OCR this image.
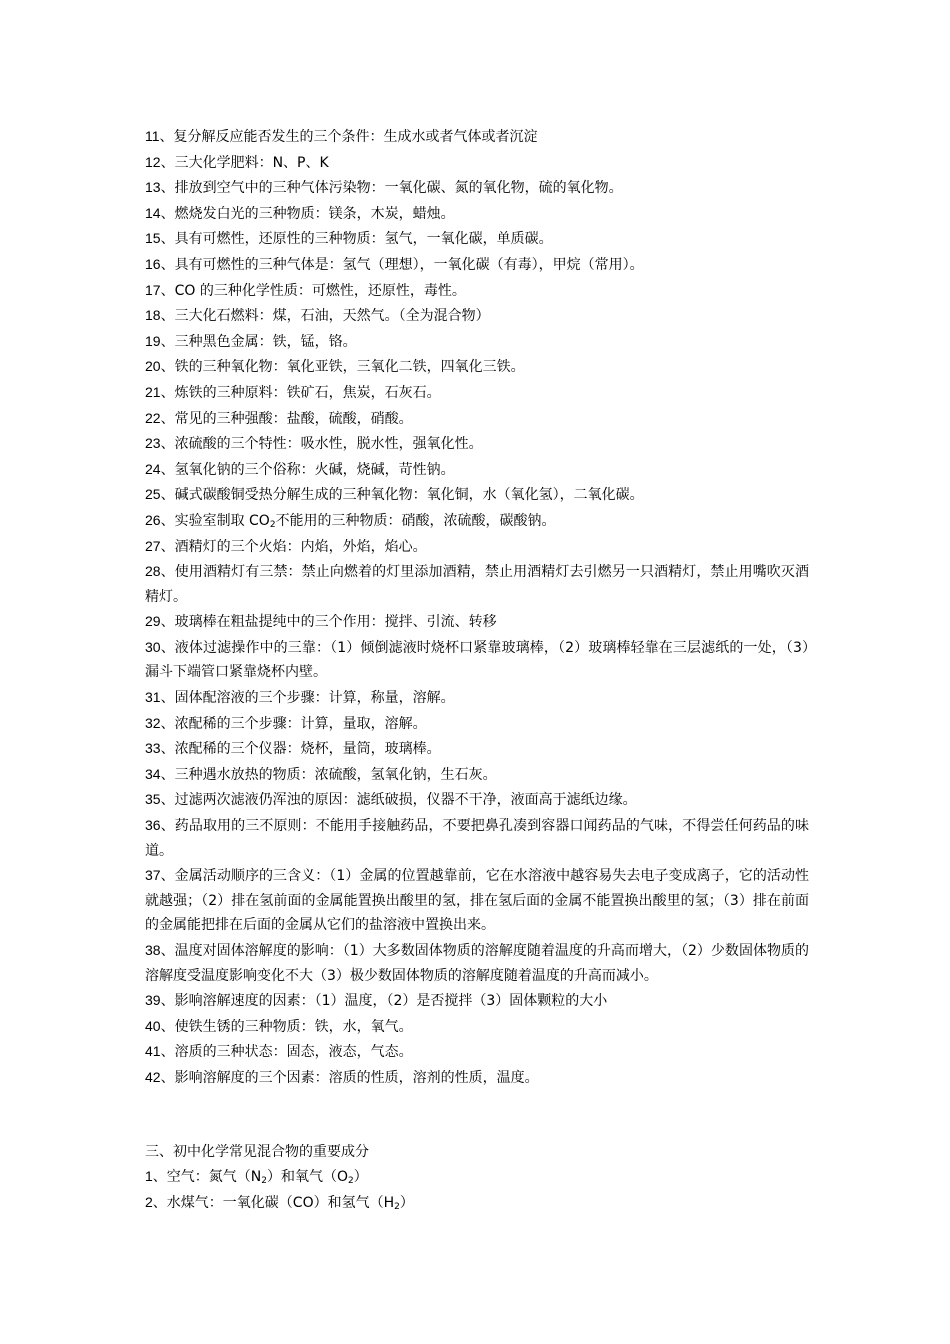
11、复分解反应能否发生的三个条件：生成水或者气体或者沉淀

12、三大化学肥料：N、P、K

13、排放到空气中的三种气体污染物：一氧化碳、氮的氧化物，硫的氧化物。

14、燃烧发白光的三种物质：镁条，木炭，蜡烛。

15、具有可燃性，还原性的三种物质：氢气，一氧化碳，单质碳。

16、具有可燃性的三种气体是：氢气（理想），一氧化碳（有毒），甲烷（常用）。

17、CO 的三种化学性质：可燃性，还原性，毒性。

18、三大化石燃料：煤，石油，天然气。（全为混合物）

19、三种黑色金属：铁，锰，铬。

20、铁的三种氧化物：氧化亚铁，三氧化二铁，四氧化三铁。

21、炼铁的三种原料：铁矿石，焦炭，石灰石。

22、常见的三种强酸：盐酸，硫酸，硝酸。

23、浓硫酸的三个特性：吸水性，脱水性，强氧化性。

24、氢氧化钠的三个俗称：火碱，烧碱，苛性钠。

25、碱式碳酸铜受热分解生成的三种氧化物：氧化铜，水（氧化氢），二氧化碳。

26、实验室制取 $CO_2$不能用的三种物质：硝酸，浓硫酸，碳酸钠。

27、酒精灯的三个火焰：内焰，外焰，焰心。

28、使用酒精灯有三禁：禁止向燃着的灯里添加酒精，禁止用酒精灯去引燃另一只酒精灯，禁止用嘴吹灭酒精灯。

29、玻璃棒在粗盐提纯中的三个作用：搅拌、引流、转移

30、液体过滤操作中的三靠：（1）倾倒滤液时烧杯口紧靠玻璃棒，（2）玻璃棒轻靠在三层滤纸的一处，（3）漏斗下端管口紧靠烧杯内壁。

31、固体配溶液的三个步骤：计算，称量，溶解。

32、浓配稀的三个步骤：计算，量取，溶解。

33、浓配稀的三个仪器：烧杯，量筒，玻璃棒。

34、三种遇水放热的物质：浓硫酸，氢氧化钠，生石灰。

35、过滤两次滤液仍浑浊的原因：滤纸破损，仪器不干净，液面高于滤纸边缘。

36、药品取用的三不原则：不能用手接触药品，不要把鼻孔凑到容器口闻药品的气味，不得尝任何药品的味道。

37、金属活动顺序的三含义：（1）金属的位置越靠前，它在水溶液中越容易失去电子变成离子，它的活动性就越强；（2）排在氢前面的金属能置换出酸里的氢，排在氢后面的金属不能置换出酸里的氢；（3）排在前面的金属能把排在后面的金属从它们的盐溶液中置换出来。

38、温度对固体溶解度的影响：（1）大多数固体物质的溶解度随着温度的升高而增大，（2）少数固体物质的溶解度受温度影响变化不大（3）极少数固体物质的溶解度随着温度的升高而减小。

39、影响溶解速度的因素：（1）温度，（2）是否搅拌（3）固体颗粒的大小

40、使铁生锈的三种物质：铁，水，氧气。

41、溶质的三种状态：固态，液态，气态。

42、影响溶解度的三个因素：溶质的性质，溶剂的性质，温度。

三、初中化学常见混合物的重要成分

1、空气：氮气$(N_2)$和氧气$(O_2)$

2、水煤气：一氧化碳（CO）和氢气$(H_2)$
